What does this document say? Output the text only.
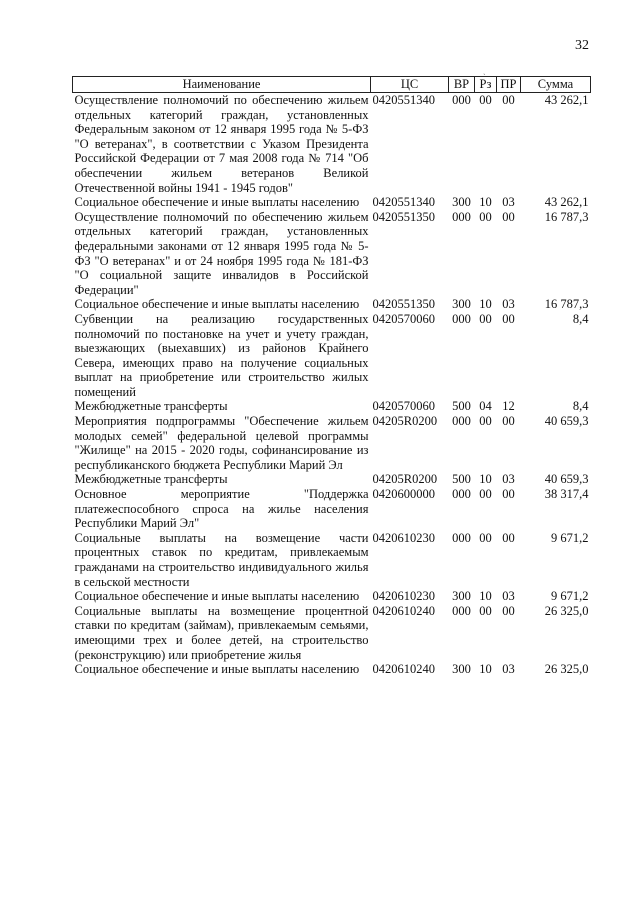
32
ˎ
Наименование	ЦС	ВР	Рз	ПР	Сумма
Осуществление полномочий по обеспечению жильем отдельных категорий граждан, установленных Федеральным законом от 12 января 1995 года № 5-ФЗ "О ветеранах", в соответствии с Указом Президента Российской Федерации от 7 мая 2008 года № 714 "Об обеспечении жильем ветеранов Великой Отечественной войны 1941 - 1945 годов"	0420551340	000	00	00	43 262,1
Социальное обеспечение и иные выплаты населению	0420551340	300	10	03	43 262,1
Осуществление полномочий по обеспечению жильем отдельных категорий граждан, установленных федеральными законами от 12 января 1995 года № 5-ФЗ "О ветеранах" и от 24 ноября 1995 года № 181-ФЗ "О социальной защите инвалидов в Российской Федерации"	0420551350	000	00	00	16 787,3
Социальное обеспечение и иные выплаты населению	0420551350	300	10	03	16 787,3
Субвенции на реализацию государственных полномочий по постановке на учет и учету граждан, выезжающих (выехавших) из районов Крайнего Севера, имеющих право на получение социальных выплат на приобретение или строительство жилых помещений	0420570060	000	00	00	8,4
Межбюджетные трансферты	0420570060	500	04	12	8,4
Мероприятия подпрограммы "Обеспечение жильем молодых семей" федеральной целевой программы "Жилище" на 2015 - 2020 годы, софинансирование из республиканского бюджета Республики Марий Эл	04205R0200	000	00	00	40 659,3
Межбюджетные трансферты	04205R0200	500	10	03	40 659,3
Основное мероприятие "Поддержка платежеспособного спроса на жилье населения Республики Марий Эл"	0420600000	000	00	00	38 317,4
Социальные выплаты на возмещение части процентных ставок по кредитам, привлекаемым гражданами на строительство индивидуального жилья в сельской местности	0420610230	000	00	00	9 671,2
Социальное обеспечение и иные выплаты населению	0420610230	300	10	03	9 671,2
Социальные выплаты на возмещение процентной ставки по кредитам (займам), привлекаемым семьями, имеющими трех и более детей, на строительство (реконструкцию) или приобретение жилья	0420610240	000	00	00	26 325,0
Социальное обеспечение и иные выплаты населению	0420610240	300	10	03	26 325,0
